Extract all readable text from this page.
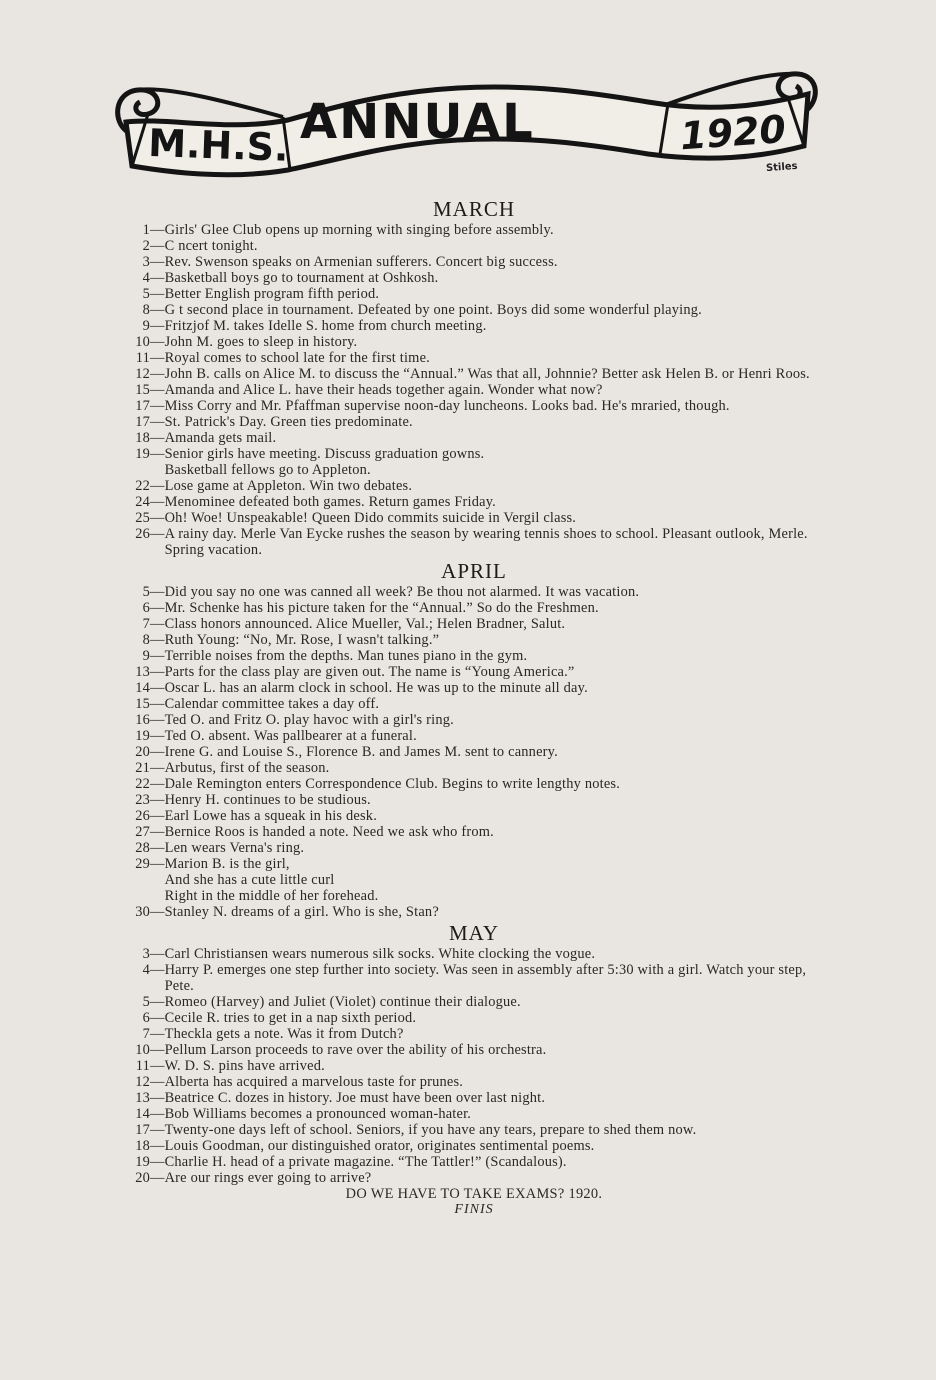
M.H.S. ANNUAL	1920
Stiles
MARCH
1 — Girls' Glee Club opens up morning with singing before assembly.
2 — C ncert tonight.
3 — Rev. Swenson speaks on Armenian sufferers. Concert big success.
4 — Basketball boys go to tournament at Oshkosh.
5 — Better English program fifth period.
8 — G t second place in tournament. Defeated by one point. Boys did some wonderful playing.
9 — Fritzjof M. takes Idelle S. home from church meeting.
10 — John M. goes to sleep in history.
11 — Royal comes to school late for the first time.
12 — John B. calls on Alice M. to discuss the “Annual.” Was that all, Johnnie? Better ask Helen B. or Henri Roos.
15 — Amanda and Alice L. have their heads together again. Wonder what now?
17 — Miss Corry and Mr. Pfaffman supervise noon-day luncheons. Looks bad. He's mraried, though.
17 — St. Patrick's Day. Green ties predominate.
18 — Amanda gets mail.
19 — Senior girls have meeting. Discuss graduation gowns.
Basketball fellows go to Appleton.
22 — Lose game at Appleton. Win two debates.
24 — Menominee defeated both games. Return games Friday.
25 — Oh! Woe! Unspeakable! Queen Dido commits suicide in Vergil class.
26 — A rainy day. Merle Van Eycke rushes the season by wearing tennis shoes to school. Pleasant outlook, Merle. Spring vacation.
APRIL
5 — Did you say no one was canned all week? Be thou not alarmed. It was vacation.
6 — Mr. Schenke has his picture taken for the “Annual.” So do the Freshmen.
7 — Class honors announced. Alice Mueller, Val.; Helen Bradner, Salut.
8 — Ruth Young: “No, Mr. Rose, I wasn't talking.”
9 — Terrible noises from the depths. Man tunes piano in the gym.
13 — Parts for the class play are given out. The name is “Young America.”
14 — Oscar L. has an alarm clock in school. He was up to the minute all day.
15 — Calendar committee takes a day off.
16 — Ted O. and Fritz O. play havoc with a girl's ring.
19 — Ted O. absent. Was pallbearer at a funeral.
20 — Irene G. and Louise S., Florence B. and James M. sent to cannery.
21 — Arbutus, first of the season.
22 — Dale Remington enters Correspondence Club. Begins to write lengthy notes.
23 — Henry H. continues to be studious.
26 — Earl Lowe has a squeak in his desk.
27 — Bernice Roos is handed a note. Need we ask who from.
28 — Len wears Verna's ring.
29 — Marion B. is the girl,
And she has a cute little curl
Right in the middle of her forehead.
30 — Stanley N. dreams of a girl. Who is she, Stan?
MAY
3 — Carl Christiansen wears numerous silk socks. White clocking the vogue.
4 — Harry P. emerges one step further into society. Was seen in assembly after 5:30 with a girl. Watch your step, Pete.
5 — Romeo (Harvey) and Juliet (Violet) continue their dialogue.
6 — Cecile R. tries to get in a nap sixth period.
7 — Theckla gets a note. Was it from Dutch?
10 — Pellum Larson proceeds to rave over the ability of his orchestra.
11 — W. D. S. pins have arrived.
12 — Alberta has acquired a marvelous taste for prunes.
13 — Beatrice C. dozes in history. Joe must have been over last night.
14 — Bob Williams becomes a pronounced woman-hater.
17 — Twenty-one days left of school. Seniors, if you have any tears, prepare to shed them now.
18 — Louis Goodman, our distinguished orator, originates sentimental poems.
19 — Charlie H. head of a private magazine. “The Tattler!” (Scandalous).
20 — Are our rings ever going to arrive?
DO WE HAVE TO TAKE EXAMS? 1920.
FINIS
